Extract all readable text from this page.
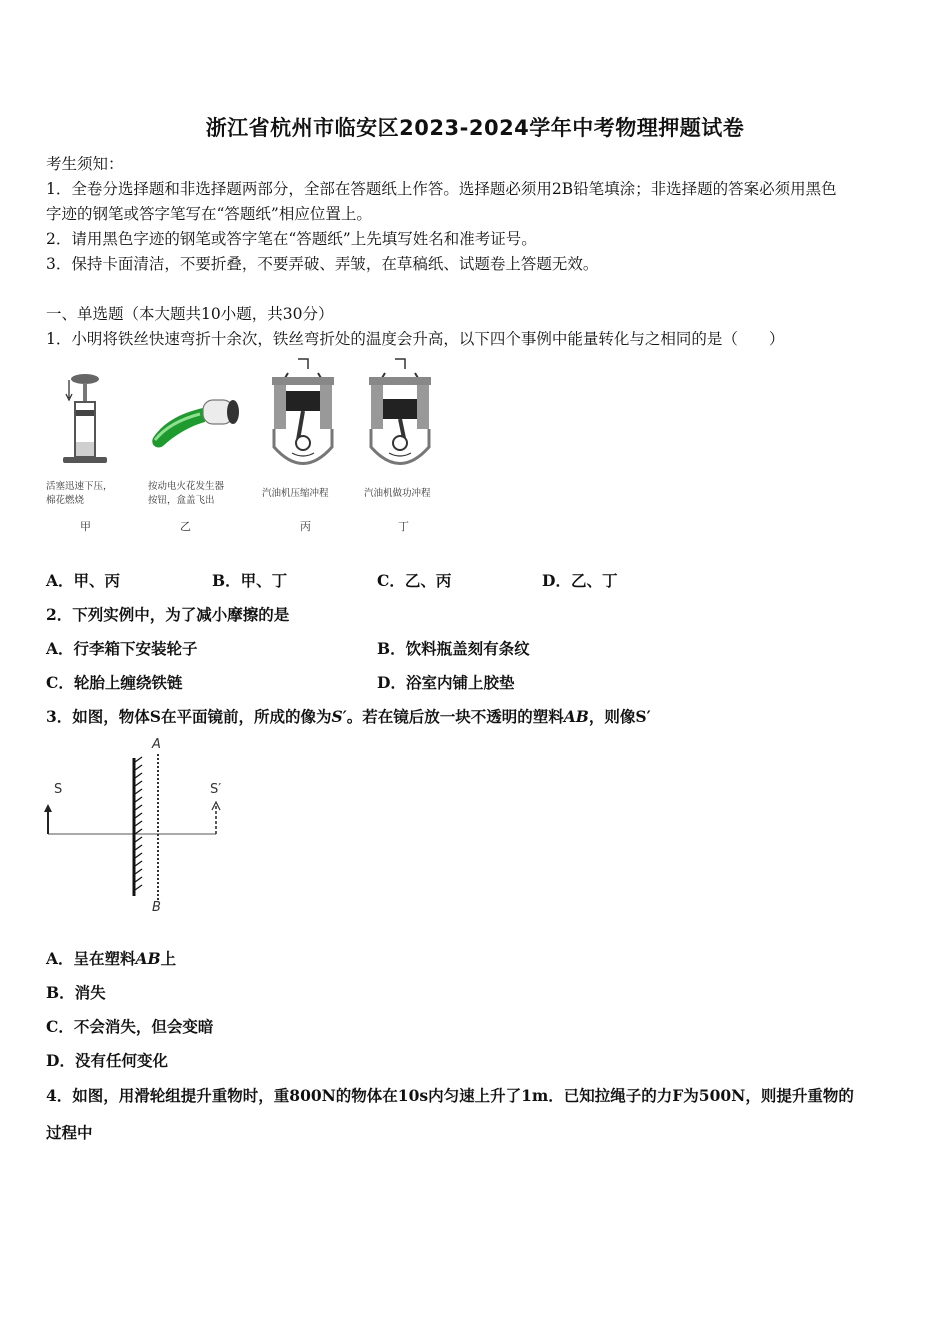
浙江省杭州市临安区2023-2024学年中考物理押题试卷
考生须知：
1．全卷分选择题和非选择题两部分，全部在答题纸上作答。选择题必须用2B铅笔填涂；非选择题的答案必须用黑色
字迹的钢笔或答字笔写在“答题纸”相应位置上。
2．请用黑色字迹的钢笔或答字笔在“答题纸”上先填写姓名和准考证号。
3．保持卡面清洁，不要折叠，不要弄破、弄皱，在草稿纸、试题卷上答题无效。
一、单选题（本大题共10小题，共30分）
1．小明将铁丝快速弯折十余次，铁丝弯折处的温度会升高，以下四个事例中能量转化与之相同的是（　　）
活塞迅速下压，
棉花燃烧
甲
按动电火花发生器
按钮，盒盖飞出
乙
汽油机压缩冲程
丙
汽油机做功冲程
丁
A．甲、丙	B．甲、丁	C．乙、丙	D．乙、丁
2．下列实例中，为了减小摩擦的是
A．行李箱下安装轮子	B．饮料瓶盖刻有条纹
C．轮胎上缠绕铁链	D．浴室内铺上胶垫
3．如图，物体S在平面镜前，所成的像为S′。若在镜后放一块不透明的塑料AB，则像S′
S	S′
A
B
A．呈在塑料AB上
B．消失
C．不会消失，但会变暗
D．没有任何变化
4．如图，用滑轮组提升重物时，重800N的物体在10s内匀速上升了1m．已知拉绳子的力F为500N，则提升重物的
过程中
